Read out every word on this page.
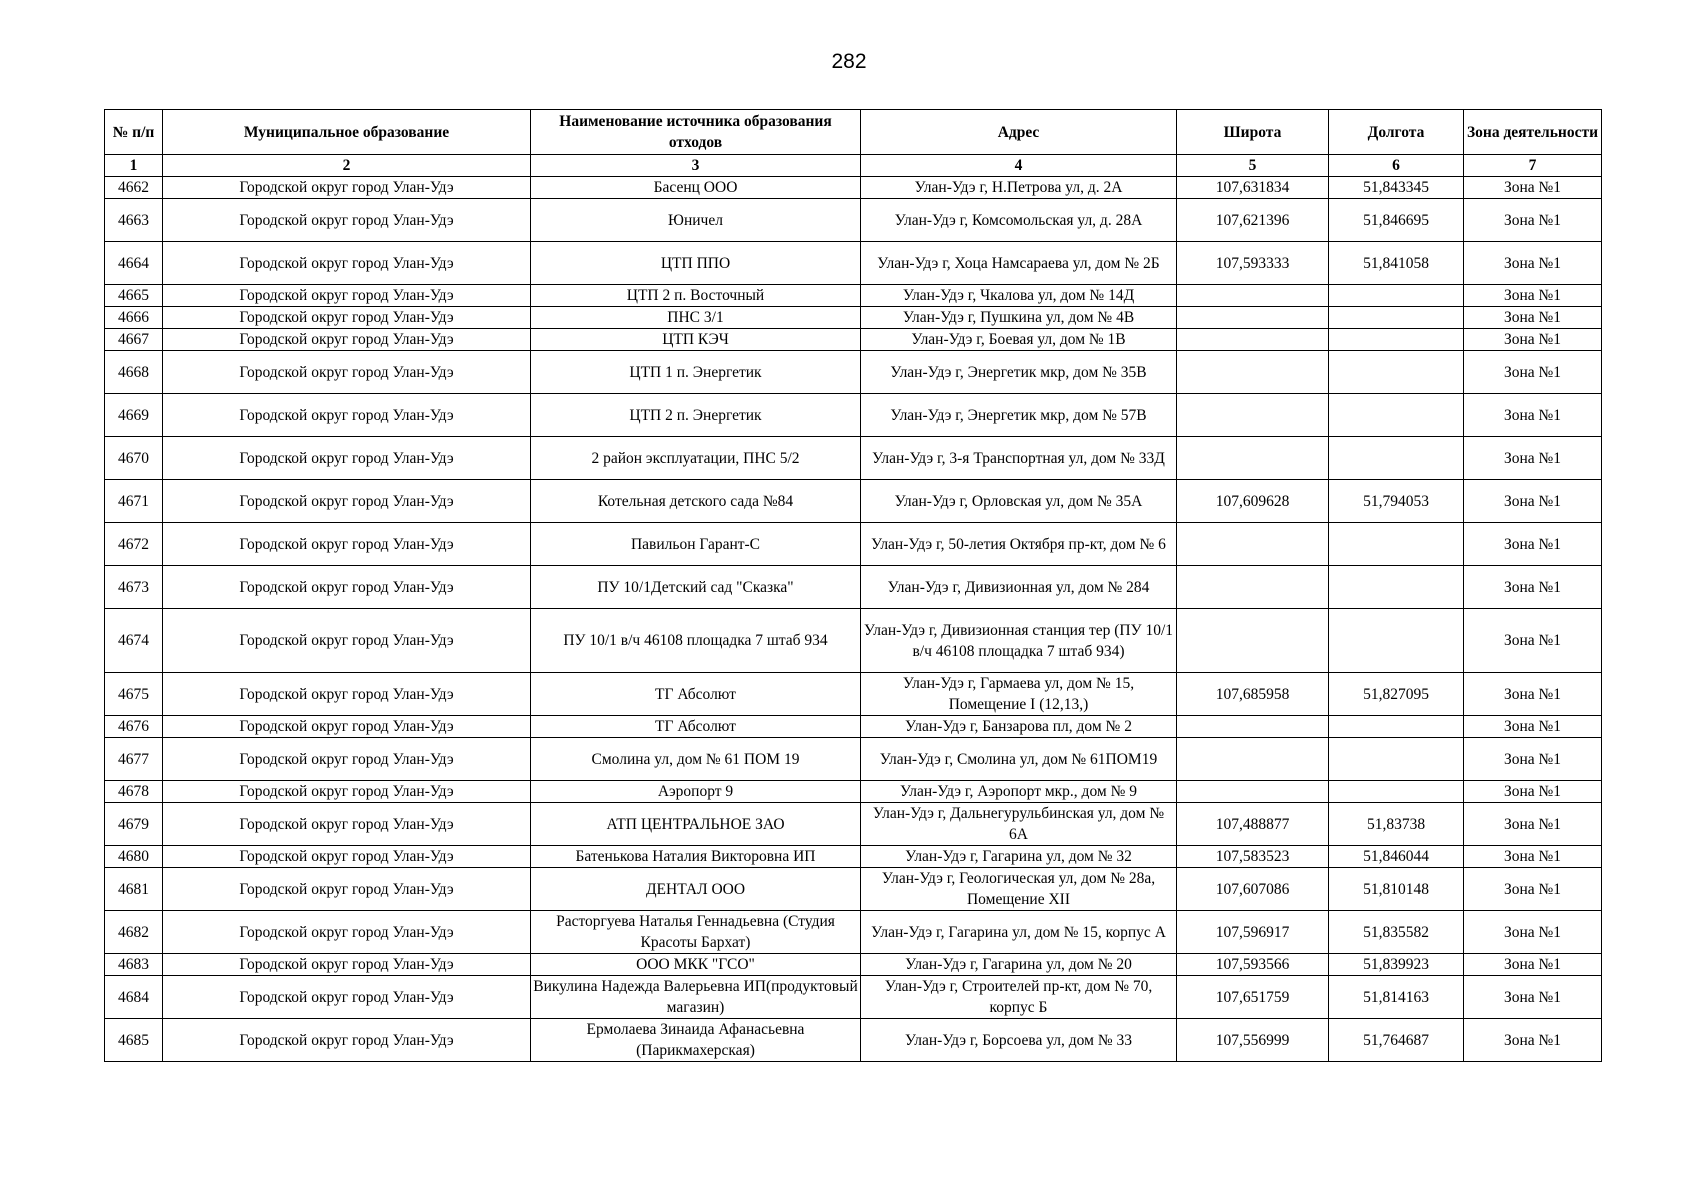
282
№ п/п	Муниципальное образование	Наименование источника образования отходов	Адрес	Широта	Долгота	Зона деятельности
1	2	3	4	5	6	7
4662	Городской округ город Улан-Удэ	Басенц ООО	Улан-Удэ г, Н.Петрова ул, д. 2А	107,631834	51,843345	Зона №1
4663	Городской округ город Улан-Удэ	Юничел	Улан-Удэ г, Комсомольская ул, д. 28А	107,621396	51,846695	Зона №1
4664	Городской округ город Улан-Удэ	ЦТП ППО	Улан-Удэ г, Хоца Намсараева ул, дом № 2Б	107,593333	51,841058	Зона №1
4665	Городской округ город Улан-Удэ	ЦТП 2 п. Восточный	Улан-Удэ г, Чкалова ул, дом № 14Д			Зона №1
4666	Городской округ город Улан-Удэ	ПНС 3/1	Улан-Удэ г, Пушкина ул, дом № 4В			Зона №1
4667	Городской округ город Улан-Удэ	ЦТП КЭЧ	Улан-Удэ г, Боевая ул, дом № 1В			Зона №1
4668	Городской округ город Улан-Удэ	ЦТП 1 п. Энергетик	Улан-Удэ г, Энергетик мкр, дом № 35В			Зона №1
4669	Городской округ город Улан-Удэ	ЦТП 2 п. Энергетик	Улан-Удэ г, Энергетик мкр, дом № 57В			Зона №1
4670	Городской округ город Улан-Удэ	2 район эксплуатации, ПНС 5/2	Улан-Удэ г, 3-я Транспортная ул, дом № 33Д			Зона №1
4671	Городской округ город Улан-Удэ	Котельная детского сада №84	Улан-Удэ г, Орловская ул, дом № 35А	107,609628	51,794053	Зона №1
4672	Городской округ город Улан-Удэ	Павильон Гарант-С	Улан-Удэ г, 50-летия Октября пр-кт, дом № 6			Зона №1
4673	Городской округ город Улан-Удэ	ПУ 10/1Детский сад "Сказка"	Улан-Удэ г, Дивизионная ул, дом № 284			Зона №1
4674	Городской округ город Улан-Удэ	ПУ 10/1 в/ч 46108 площадка 7 штаб 934	Улан-Удэ г, Дивизионная станция тер (ПУ 10/1 в/ч 46108 площадка 7 штаб 934)			Зона №1
4675	Городской округ город Улан-Удэ	ТГ Абсолют	Улан-Удэ г, Гармаева ул, дом № 15, Помещение I (12,13,)	107,685958	51,827095	Зона №1
4676	Городской округ город Улан-Удэ	ТГ Абсолют	Улан-Удэ г, Банзарова пл, дом № 2			Зона №1
4677	Городской округ город Улан-Удэ	Смолина ул, дом № 61 ПОМ 19	Улан-Удэ г, Смолина ул, дом № 61ПОМ19			Зона №1
4678	Городской округ город Улан-Удэ	Аэропорт 9	Улан-Удэ г, Аэропорт мкр., дом № 9			Зона №1
4679	Городской округ город Улан-Удэ	АТП ЦЕНТРАЛЬНОЕ ЗАО	Улан-Удэ г, Дальнегурульбинская ул, дом № 6А	107,488877	51,83738	Зона №1
4680	Городской округ город Улан-Удэ	Батенькова Наталия Викторовна ИП	Улан-Удэ г, Гагарина ул, дом № 32	107,583523	51,846044	Зона №1
4681	Городской округ город Улан-Удэ	ДЕНТАЛ ООО	Улан-Удэ г, Геологическая ул, дом № 28а, Помещение XII	107,607086	51,810148	Зона №1
4682	Городской округ город Улан-Удэ	Расторгуева Наталья Геннадьевна (Студия Красоты Бархат)	Улан-Удэ г, Гагарина ул, дом № 15, корпус А	107,596917	51,835582	Зона №1
4683	Городской округ город Улан-Удэ	ООО МКК "ГСО"	Улан-Удэ г, Гагарина ул, дом № 20	107,593566	51,839923	Зона №1
4684	Городской округ город Улан-Удэ	Викулина Надежда Валерьевна ИП(продуктовый магазин)	Улан-Удэ г, Строителей пр-кт, дом № 70, корпус Б	107,651759	51,814163	Зона №1
4685	Городской округ город Улан-Удэ	Ермолаева Зинаида Афанасьевна (Парикмахерская)	Улан-Удэ г, Борсоева ул, дом № 33	107,556999	51,764687	Зона №1
